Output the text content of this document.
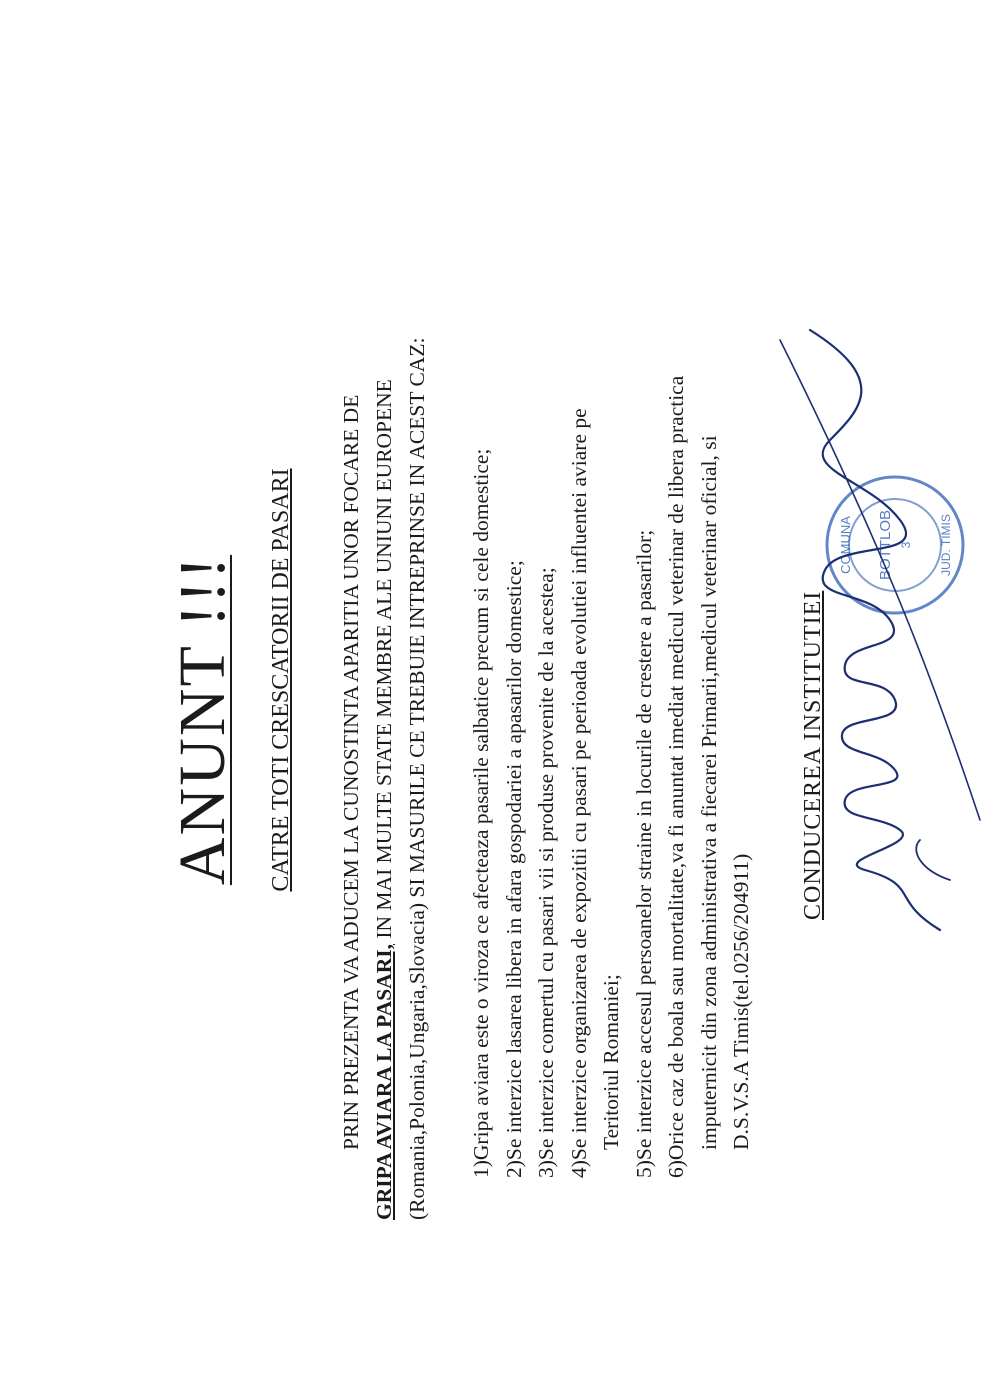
ANUNT !!! CATRE TOTI CRESCATORII DE PASARI PRIN PREZENTA VA ADUCEM LA CUNOSTINTA APARITIA UNOR FOCARE DE GRIPA AVIARA LA PASARI, IN MAI MULTE STATE MEMBRE ALE UNIUNI EUROPENE (Romania,Polonia,Ungaria,Slovacia) SI MASURILE CE TREBUIE INTREPRINSE IN ACEST CAZ: 1)Gripa aviara este o viroza ce afecteaza pasarile salbatice precum si cele domestice; 2)Se interzice lasarea libera in afara gospodariei a apasarilor domestice; 3)Se interzice comertul cu pasari vii si produse provenite de la acestea; 4)Se interzice organizarea de expozitii cu pasari pe perioada evolutiei influentei aviare pe Teritoriul Romaniei; 5)Se interzice accesul persoanelor straine in locurile de crestere a pasarilor; 6)Orice caz de boala sau mortalitate,va fi anuntat imediat medicul veterinar de libera practica imputernicit din zona administrativa a fiecarei Primarii,medicul veterinar oficial, si D.S.V.S.A Timis(tel.0256/204911)
CONDUCEREA INSTITUTIEI
COMUNA BOTTLOB 3 JUD. TIMIS
